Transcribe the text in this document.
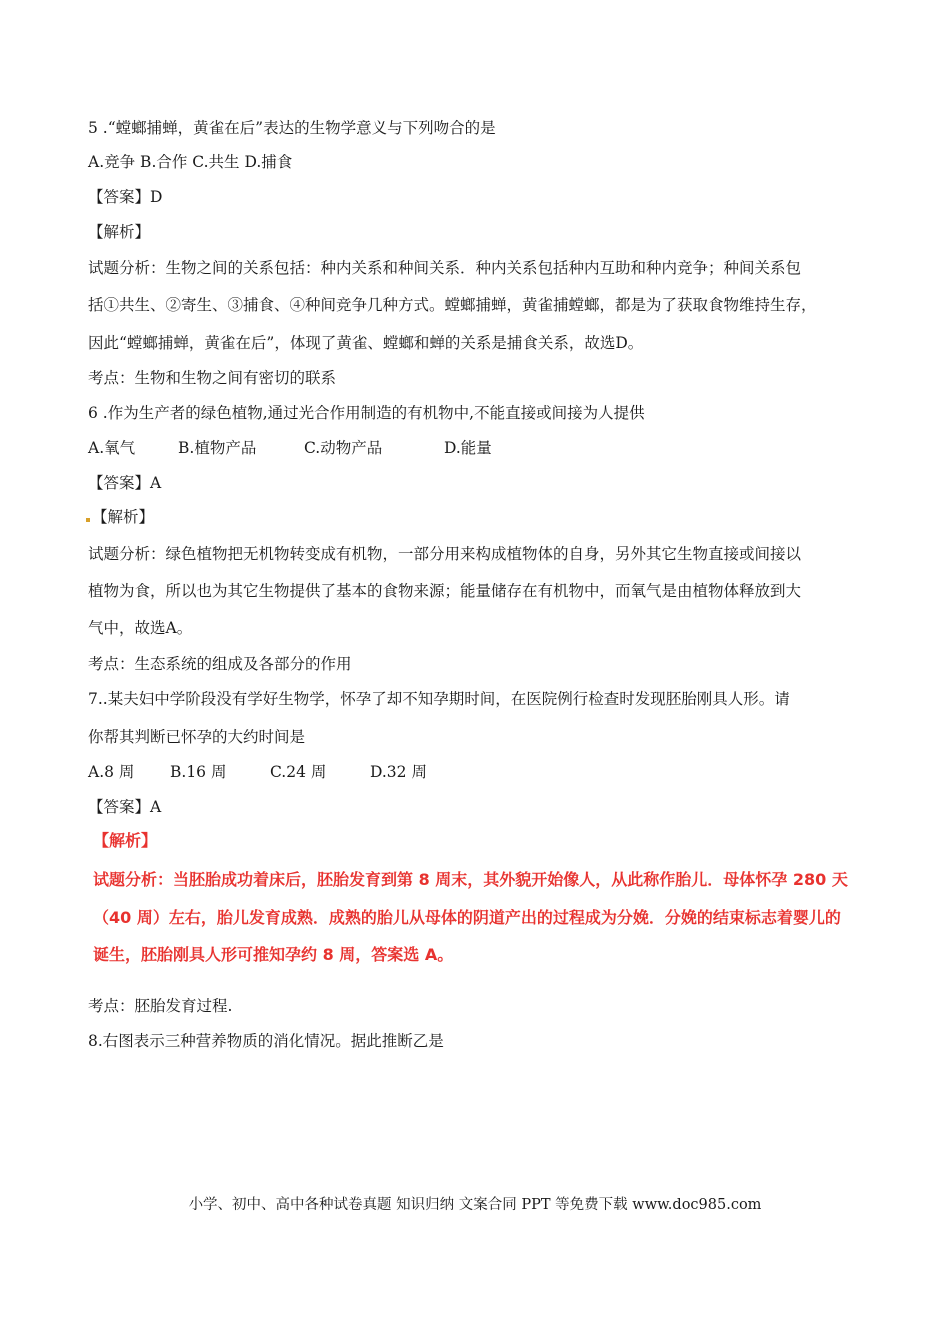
5 .“螳螂捕蝉，黄雀在后”表达的生物学意义与下列吻合的是
A.竞争 B.合作 C.共生 D.捕食
【答案】D
【解析】
试题分析：生物之间的关系包括：种内关系和种间关系．种内关系包括种内互助和种内竞争；种间关系包
括①共生、②寄生、③捕食、④种间竞争几种方式。螳螂捕蝉，黄雀捕螳螂，都是为了获取食物维持生存，
因此“螳螂捕蝉，黄雀在后”，体现了黄雀、螳螂和蝉的关系是捕食关系，故选D。
考点：生物和生物之间有密切的联系
6 .作为生产者的绿色植物,通过光合作用制造的有机物中,不能直接或间接为人提供
A.氧气	B.植物产品	C.动物产品	D.能量
【答案】A
【解析】
试题分析：绿色植物把无机物转变成有机物，一部分用来构成植物体的自身，另外其它生物直接或间接以
植物为食，所以也为其它生物提供了基本的食物来源；能量储存在有机物中，而氧气是由植物体释放到大
气中，故选A。
考点：生态系统的组成及各部分的作用
7..某夫妇中学阶段没有学好生物学，怀孕了却不知孕期时间，在医院例行检查时发现胚胎刚具人形。请
你帮其判断已怀孕的大约时间是
A.8 周 B.16 周	C.24 周	D.32 周
【答案】A
【解析】
试题分析：当胚胎成功着床后，胚胎发育到第 8 周末，其外貌开始像人，从此称作胎儿．母体怀孕 280 天
（40 周）左右，胎儿发育成熟．成熟的胎儿从母体的阴道产出的过程成为分娩．分娩的结束标志着婴儿的
诞生，胚胎刚具人形可推知孕约 8 周，答案选 A。
考点：胚胎发育过程.
8.右图表示三种营养物质的消化情况。据此推断乙是
小学、初中、高中各种试卷真题 知识归纳 文案合同 PPT 等免费下载 www.doc985.com
